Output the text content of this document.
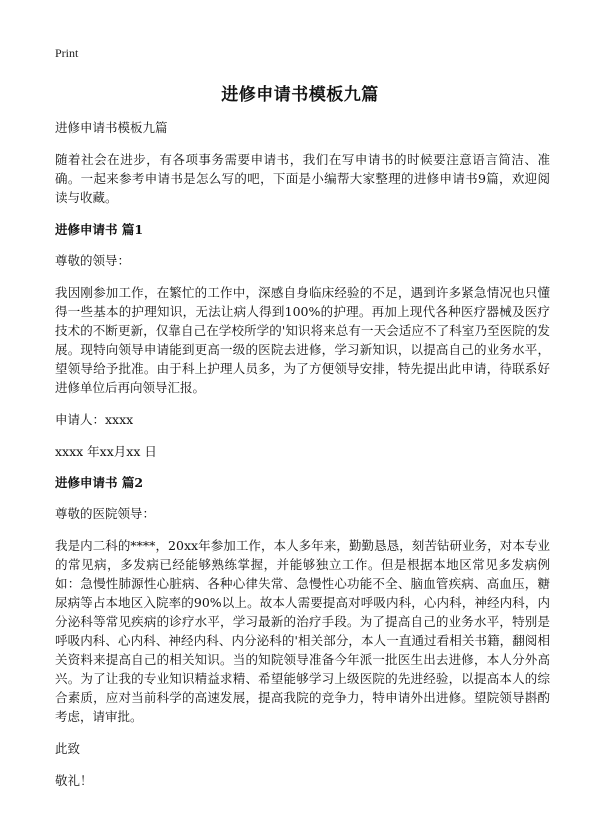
Print
进修申请书模板九篇

进修申请书模板九篇

随着社会在进步，有各项事务需要申请书，我们在写申请书的时候要注意语言简洁、准确。一起来参考申请书是怎么写的吧，下面是小编帮大家整理的进修申请书9篇，欢迎阅读与收藏。

进修申请书 篇1

尊敬的领导：

我因刚参加工作，在繁忙的工作中，深感自身临床经验的不足，遇到许多紧急情况也只懂得一些基本的护理知识，无法让病人得到100%的护理。再加上现代各种医疗器械及医疗技术的不断更新，仅靠自己在学校所学的'知识将来总有一天会适应不了科室乃至医院的发展。现特向领导申请能到更高一级的医院去进修，学习新知识，以提高自己的业务水平，望领导给予批准。由于科上护理人员多，为了方便领导安排，特先提出此申请，待联系好进修单位后再向领导汇报。

申请人：xxxx

xxxx 年xx月xx 日

进修申请书 篇2

尊敬的医院领导：

我是内二科的****，20xx年参加工作，本人多年来，勤勤恳恳，刻苦钻研业务，对本专业的常见病，多发病已经能够熟练掌握，并能够独立工作。但是根据本地区常见多发病例如：急慢性肺源性心脏病、各种心律失常、急慢性心功能不全、脑血管疾病、高血压，糖尿病等占本地区入院率的90%以上。故本人需要提高对呼吸内科，心内科，神经内科，内分泌科等常见疾病的诊疗水平，学习最新的治疗手段。为了提高自己的业务水平，特别是呼吸内科、心内科、神经内科、内分泌科的'相关部分，本人一直通过看相关书籍，翻阅相关资料来提高自己的相关知识。当的知院领导准备今年派一批医生出去进修，本人分外高兴。为了让我的专业知识精益求精、希望能够学习上级医院的先进经验，以提高本人的综合素质，应对当前科学的高速发展，提高我院的竞争力，特申请外出进修。望院领导斟酌考虑，请审批。

此致

敬礼！
